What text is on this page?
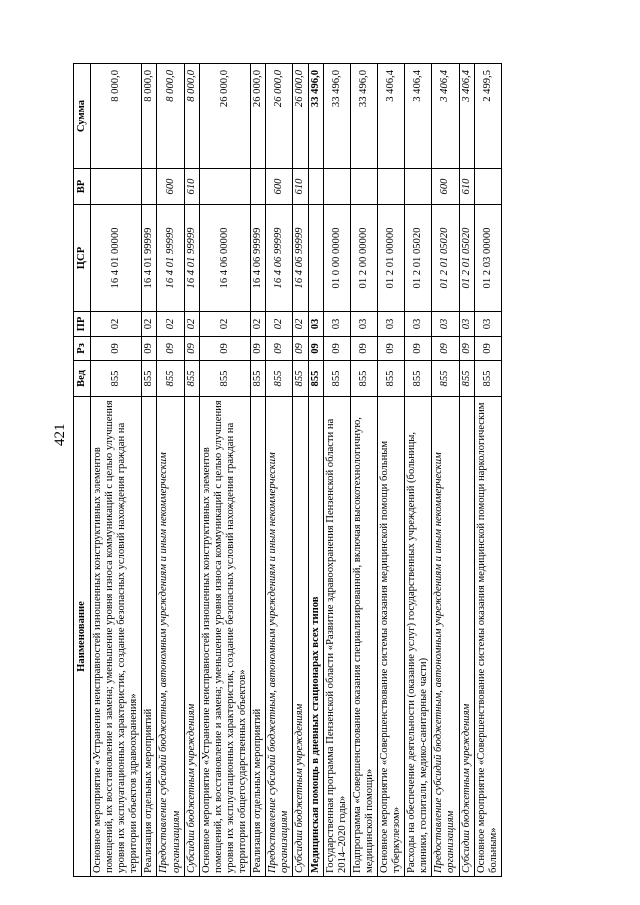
421
Наименование	Вед	Рз	ПР	ЦСР	ВР	Сумма
Основное мероприятие «Устранение неисправностей изношенных конструктивных элементов помещений, их восстановление и замена; уменьшение уровня износа коммуникаций с целью улучшения уровня их эксплуатационных характеристик, создание безопасных условий нахождения граждан на территории объектов здравоохранения»	855	09	02	16 4 01 00000		8 000,0
Реализация отдельных мероприятий	855	09	02	16 4 01 99999		8 000,0
Предоставление субсидий бюджетным, автономным учреждениям и иным некоммерческим организациям	855	09	02	16 4 01 99999	600	8 000,0
Субсидии бюджетным учреждениям	855	09	02	16 4 01 99999	610	8 000,0
Основное мероприятие «Устранение неисправностей изношенных конструктивных элементов помещений, их восстановление и замена; уменьшение уровня износа коммуникаций с целью улучшения уровня их эксплуатационных характеристик, создание безопасных условий нахождения граждан на территории общегосударственных объектов»	855	09	02	16 4 06 00000		26 000,0
Реализация отдельных мероприятий	855	09	02	16 4 06 99999		26 000,0
Предоставление субсидий бюджетным, автономным учреждениям и иным некоммерческим организациям	855	09	02	16 4 06 99999	600	26 000,0
Субсидии бюджетным учреждениям	855	09	02	16 4 06 99999	610	26 000,0
Медицинская помощь в дневных стационарах всех типов	855	09	03			33 496,0
Государственная программа Пензенской области «Развитие здравоохранения Пензенской области на 2014–2020 годы»	855	09	03	01 0 00 00000		33 496,0
Подпрограмма «Совершенствование оказания специализированной, включая высокотехнологичную, медицинской помощи»	855	09	03	01 2 00 00000		33 496,0
Основное мероприятие «Совершенствование системы оказания медицинской помощи больным туберкулезом»	855	09	03	01 2 01 00000		3 406,4
Расходы на обеспечение деятельности (оказание услуг) государственных учреждений (больницы, клиники, госпитали, медико-санитарные части)	855	09	03	01 2 01 05020		3 406,4
Предоставление субсидий бюджетным, автономным учреждениям и иным некоммерческим организациям	855	09	03	01 2 01 05020	600	3 406,4
Субсидии бюджетным учреждениям	855	09	03	01 2 01 05020	610	3 406,4
Основное мероприятие «Совершенствование системы оказания медицинской помощи наркологическим больным»	855	09	03	01 2 03 00000		2 499,5
